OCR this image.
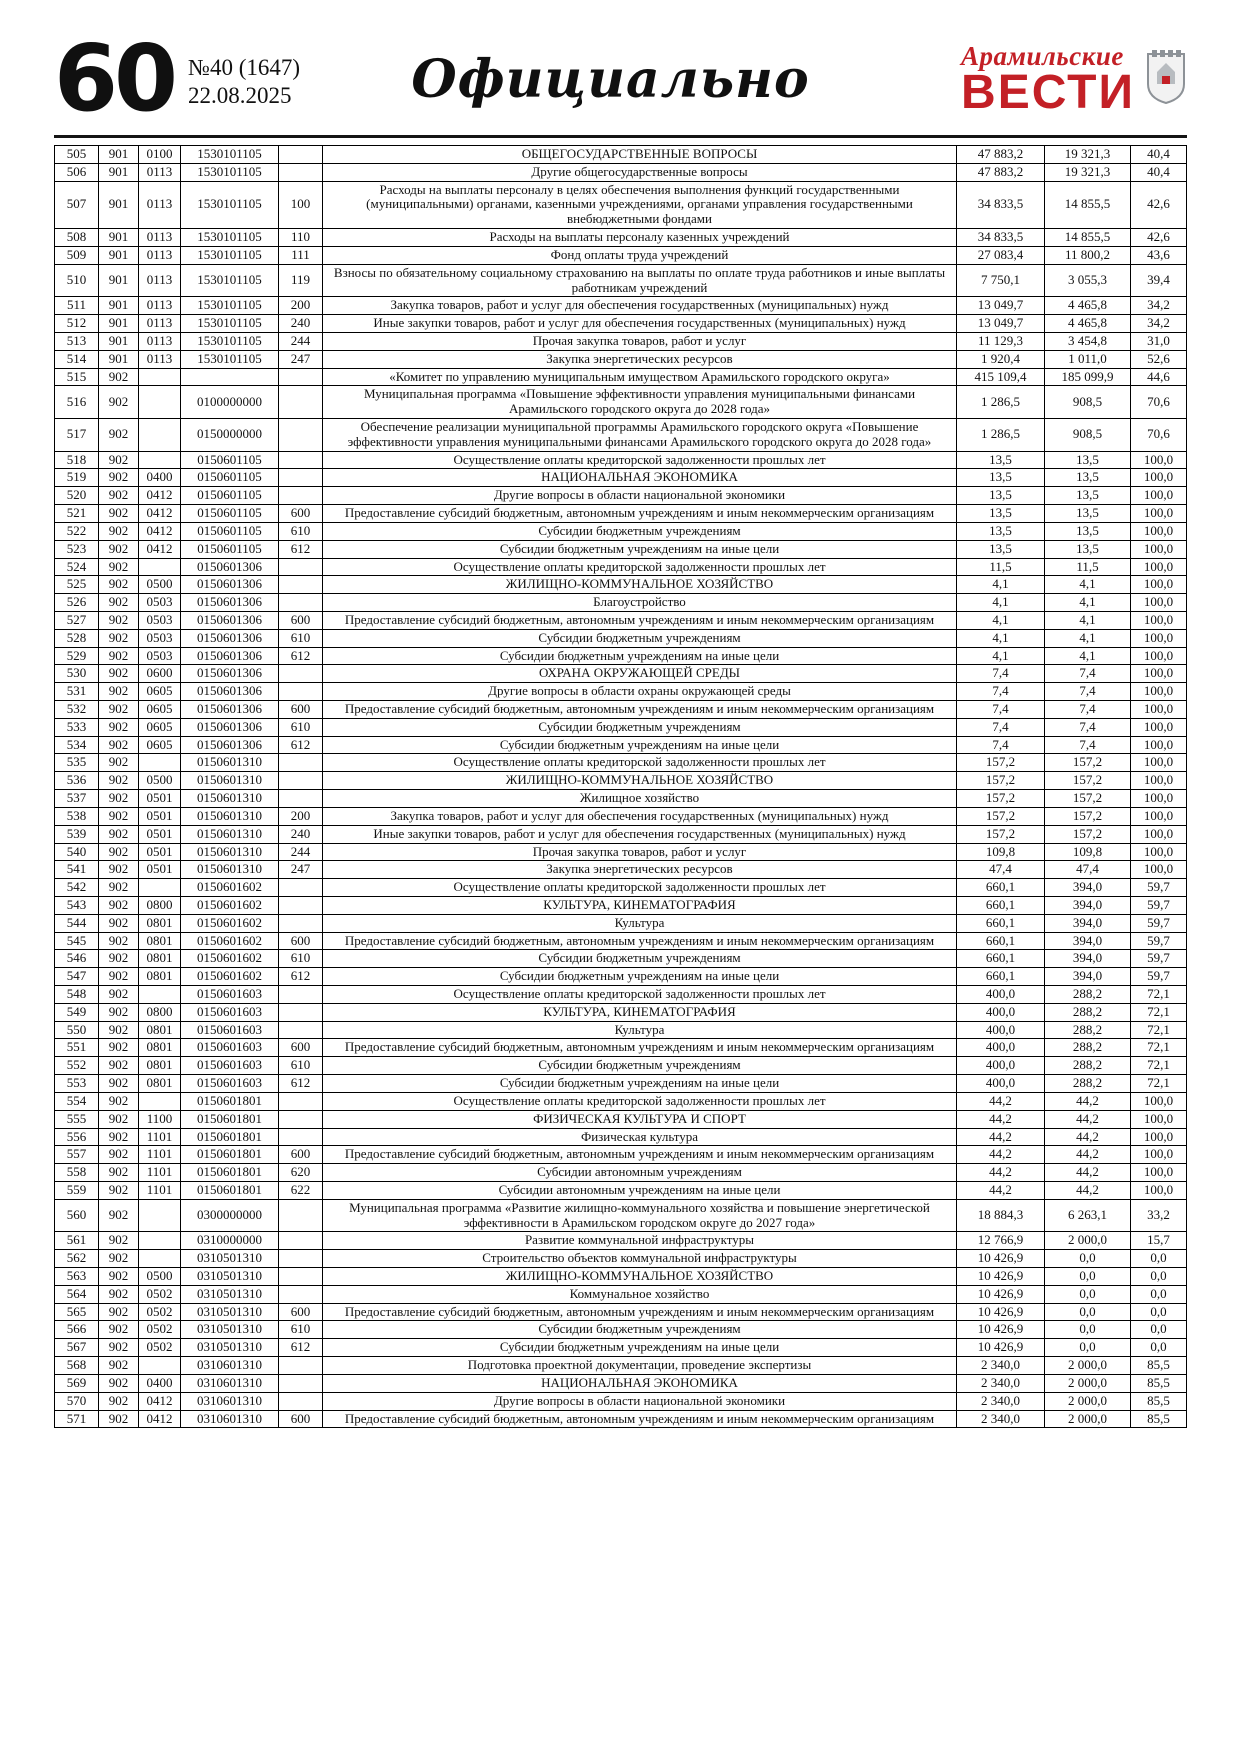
60 №40 (1647)
22.08.2025 Официально	Арамильские
ВЕСТИ
505	901	0100	1530101105		ОБЩЕГОСУДАРСТВЕННЫЕ ВОПРОСЫ	47 883,2	19 321,3	40,4
506	901	0113	1530101105		Другие общегосударственные вопросы	47 883,2	19 321,3	40,4
507	901	0113	1530101105	100	Расходы на выплаты персоналу в целях обеспечения выполнения функций государственными (муниципальными) органами, казенными учреждениями, органами управления государственными внебюджетными фондами	34 833,5	14 855,5	42,6
508	901	0113	1530101105	110	Расходы на выплаты персоналу казенных учреждений	34 833,5	14 855,5	42,6
509	901	0113	1530101105	111	Фонд оплаты труда учреждений	27 083,4	11 800,2	43,6
510	901	0113	1530101105	119	Взносы по обязательному социальному страхованию на выплаты по оплате труда работников и иные выплаты работникам учреждений	7 750,1	3 055,3	39,4
511	901	0113	1530101105	200	Закупка товаров, работ и услуг для обеспечения государственных (муниципальных) нужд	13 049,7	4 465,8	34,2
512	901	0113	1530101105	240	Иные закупки товаров, работ и услуг для обеспечения государственных (муниципальных) нужд	13 049,7	4 465,8	34,2
513	901	0113	1530101105	244	Прочая закупка товаров, работ и услуг	11 129,3	3 454,8	31,0
514	901	0113	1530101105	247	Закупка энергетических ресурсов	1 920,4	1 011,0	52,6
515	902				«Комитет по управлению муниципальным имуществом Арамильского городского округа»	415 109,4	185 099,9	44,6
516	902		0100000000		Муниципальная программа «Повышение эффективности управления муниципальными финансами Арамильского городского округа до 2028 года»	1 286,5	908,5	70,6
517	902		0150000000		Обеспечение реализации муниципальной программы Арамильского городского округа «Повышение эффективности управления муниципальными финансами Арамильского городского округа до 2028 года»	1 286,5	908,5	70,6
518	902		0150601105		Осуществление оплаты кредиторской задолженности прошлых лет	13,5	13,5	100,0
519	902	0400	0150601105		НАЦИОНАЛЬНАЯ ЭКОНОМИКА	13,5	13,5	100,0
520	902	0412	0150601105		Другие вопросы в области национальной экономики	13,5	13,5	100,0
521	902	0412	0150601105	600	Предоставление субсидий бюджетным, автономным учреждениям и иным некоммерческим организациям	13,5	13,5	100,0
522	902	0412	0150601105	610	Субсидии бюджетным учреждениям	13,5	13,5	100,0
523	902	0412	0150601105	612	Субсидии бюджетным учреждениям на иные цели	13,5	13,5	100,0
524	902		0150601306		Осуществление оплаты кредиторской задолженности прошлых лет	11,5	11,5	100,0
525	902	0500	0150601306		ЖИЛИЩНО-КОММУНАЛЬНОЕ ХОЗЯЙСТВО	4,1	4,1	100,0
526	902	0503	0150601306		Благоустройство	4,1	4,1	100,0
527	902	0503	0150601306	600	Предоставление субсидий бюджетным, автономным учреждениям и иным некоммерческим организациям	4,1	4,1	100,0
528	902	0503	0150601306	610	Субсидии бюджетным учреждениям	4,1	4,1	100,0
529	902	0503	0150601306	612	Субсидии бюджетным учреждениям на иные цели	4,1	4,1	100,0
530	902	0600	0150601306		ОХРАНА ОКРУЖАЮЩЕЙ СРЕДЫ	7,4	7,4	100,0
531	902	0605	0150601306		Другие вопросы в области охраны окружающей среды	7,4	7,4	100,0
532	902	0605	0150601306	600	Предоставление субсидий бюджетным, автономным учреждениям и иным некоммерческим организациям	7,4	7,4	100,0
533	902	0605	0150601306	610	Субсидии бюджетным учреждениям	7,4	7,4	100,0
534	902	0605	0150601306	612	Субсидии бюджетным учреждениям на иные цели	7,4	7,4	100,0
535	902		0150601310		Осуществление оплаты кредиторской задолженности прошлых лет	157,2	157,2	100,0
536	902	0500	0150601310		ЖИЛИЩНО-КОММУНАЛЬНОЕ ХОЗЯЙСТВО	157,2	157,2	100,0
537	902	0501	0150601310		Жилищное хозяйство	157,2	157,2	100,0
538	902	0501	0150601310	200	Закупка товаров, работ и услуг для обеспечения государственных (муниципальных) нужд	157,2	157,2	100,0
539	902	0501	0150601310	240	Иные закупки товаров, работ и услуг для обеспечения государственных (муниципальных) нужд	157,2	157,2	100,0
540	902	0501	0150601310	244	Прочая закупка товаров, работ и услуг	109,8	109,8	100,0
541	902	0501	0150601310	247	Закупка энергетических ресурсов	47,4	47,4	100,0
542	902		0150601602		Осуществление оплаты кредиторской задолженности прошлых лет	660,1	394,0	59,7
543	902	0800	0150601602		КУЛЬТУРА, КИНЕМАТОГРАФИЯ	660,1	394,0	59,7
544	902	0801	0150601602		Культура	660,1	394,0	59,7
545	902	0801	0150601602	600	Предоставление субсидий бюджетным, автономным учреждениям и иным некоммерческим организациям	660,1	394,0	59,7
546	902	0801	0150601602	610	Субсидии бюджетным учреждениям	660,1	394,0	59,7
547	902	0801	0150601602	612	Субсидии бюджетным учреждениям на иные цели	660,1	394,0	59,7
548	902		0150601603		Осуществление оплаты кредиторской задолженности прошлых лет	400,0	288,2	72,1
549	902	0800	0150601603		КУЛЬТУРА, КИНЕМАТОГРАФИЯ	400,0	288,2	72,1
550	902	0801	0150601603		Культура	400,0	288,2	72,1
551	902	0801	0150601603	600	Предоставление субсидий бюджетным, автономным учреждениям и иным некоммерческим организациям	400,0	288,2	72,1
552	902	0801	0150601603	610	Субсидии бюджетным учреждениям	400,0	288,2	72,1
553	902	0801	0150601603	612	Субсидии бюджетным учреждениям на иные цели	400,0	288,2	72,1
554	902		0150601801		Осуществление оплаты кредиторской задолженности прошлых лет	44,2	44,2	100,0
555	902	1100	0150601801		ФИЗИЧЕСКАЯ КУЛЬТУРА И СПОРТ	44,2	44,2	100,0
556	902	1101	0150601801		Физическая культура	44,2	44,2	100,0
557	902	1101	0150601801	600	Предоставление субсидий бюджетным, автономным учреждениям и иным некоммерческим организациям	44,2	44,2	100,0
558	902	1101	0150601801	620	Субсидии автономным учреждениям	44,2	44,2	100,0
559	902	1101	0150601801	622	Субсидии автономным учреждениям на иные цели	44,2	44,2	100,0
560	902		0300000000		Муниципальная программа «Развитие жилищно-коммунального хозяйства и повышение энергетической эффективности в Арамильском городском округе до 2027 года»	18 884,3	6 263,1	33,2
561	902		0310000000		Развитие коммунальной инфраструктуры	12 766,9	2 000,0	15,7
562	902		0310501310		Строительство объектов коммунальной инфраструктуры	10 426,9	0,0	0,0
563	902	0500	0310501310		ЖИЛИЩНО-КОММУНАЛЬНОЕ ХОЗЯЙСТВО	10 426,9	0,0	0,0
564	902	0502	0310501310		Коммунальное хозяйство	10 426,9	0,0	0,0
565	902	0502	0310501310	600	Предоставление субсидий бюджетным, автономным учреждениям и иным некоммерческим организациям	10 426,9	0,0	0,0
566	902	0502	0310501310	610	Субсидии бюджетным учреждениям	10 426,9	0,0	0,0
567	902	0502	0310501310	612	Субсидии бюджетным учреждениям на иные цели	10 426,9	0,0	0,0
568	902		0310601310		Подготовка проектной документации, проведение экспертизы	2 340,0	2 000,0	85,5
569	902	0400	0310601310		НАЦИОНАЛЬНАЯ ЭКОНОМИКА	2 340,0	2 000,0	85,5
570	902	0412	0310601310		Другие вопросы в области национальной экономики	2 340,0	2 000,0	85,5
571	902	0412	0310601310	600	Предоставление субсидий бюджетным, автономным учреждениям и иным некоммерческим организациям	2 340,0	2 000,0	85,5
